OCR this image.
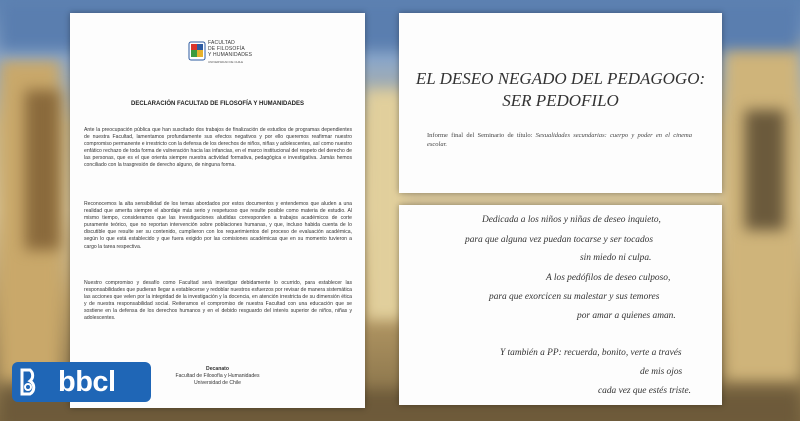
FACULTAD
DE FILOSOFÍA
Y HUMANIDADES
UNIVERSIDAD DE CHILE
DECLARACIÓN FACULTAD DE FILOSOFÍA Y HUMANIDADES

Ante la preocupación pública que han suscitado dos trabajos de finalización de estudios de programas dependientes de nuestra Facultad, lamentamos profundamente sus efectos negativos y por ello queremos reafirmar nuestro compromiso permanente e irrestricto con la defensa de los derechos de niños, niñas y adolescentes, así como nuestro enfático rechazo de toda forma de vulneración hacia las infancias, en el marco institucional del respeto del derecho de las personas, que es el que orienta siempre nuestra actividad formativa, pedagógica e investigativa. Jamás hemos conciliado con la trasgresión de derecho alguno, de ninguna forma.

Reconocemos la alta sensibilidad de los temas abordados por estos documentos y entendemos que aluden a una realidad que amerita siempre el abordaje más serio y respetuoso que resulte posible como materia de estudio. Al mismo tiempo, consideramos que las investigaciones aludidas corresponden a trabajos académicos de corte puramente teórico, que no reportan intervención sobre poblaciones humanas, y que, incluso habida cuenta de lo discutible que resulte ser su contenido, cumplieron con los requerimientos del proceso de evaluación académica, según lo que está establecido y que fuera exigido por las comisiones académicas que en su momento tuvieron a cargo la tarea respectiva.

Nuestro compromiso y desafío como Facultad será investigar debidamente lo ocurrido, para establecer las responsabilidades que pudieran llegar a establecerse y redoblar nuestros esfuerzos por revisar de manera sistemática las acciones que velen por la integridad de la investigación y la docencia, en atención irrestricta de su dimensión ética y de nuestra responsabilidad social. Reiteramos el compromiso de nuestra Facultad con una educación que se sostiene en la defensa de los derechos humanos y en el debido resguardo del interés superior de niños, niñas y adolescentes.

Decanato
Facultad de Filosofía y Humanidades
Universidad de Chile
EL DESEO NEGADO DEL PEDAGOGO:
SER PEDOFILO
Informe final del Seminario de título: Sexualidades secundarias: cuerpo y poder en el cinema escolar.
Dedicada a los niños y niñas de deseo inquieto,
para que alguna vez puedan tocarse y ser tocados
sin miedo ni culpa.
A los pedófilos de deseo culposo,
para que exorcicen su malestar y sus temores
por amar a quienes aman.
Y también a PP: recuerda, bonito, verte a través
de mis ojos
cada vez que estés triste.
bbcl
